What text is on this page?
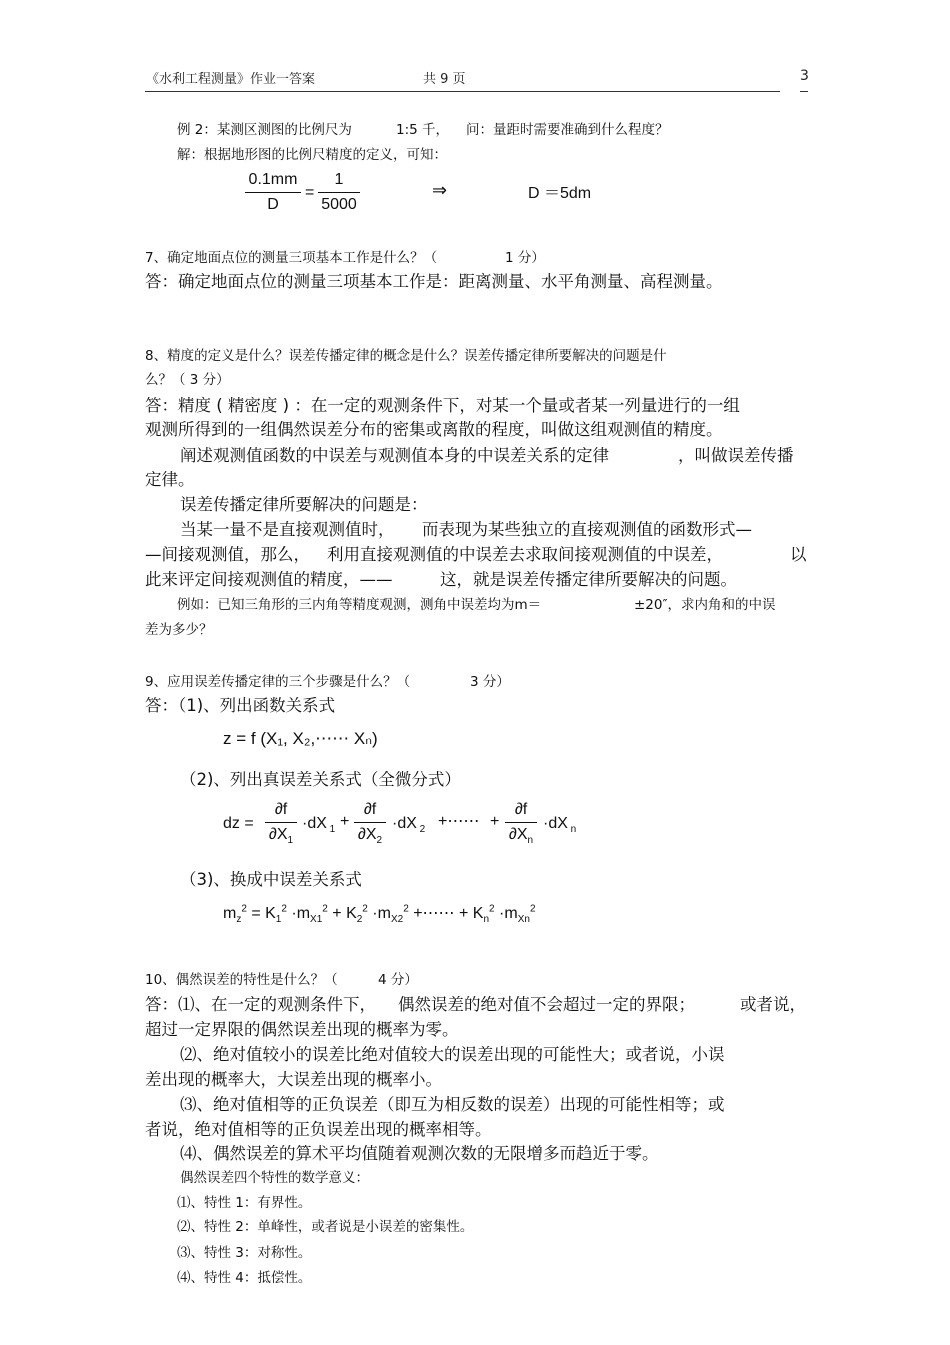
《水利工程测量》作业一答案	共 9 页	3
例 2：某测区测图的比例尺为	1:5 千， 问：量距时需要准确到什么程度？
解：根据地形图的比例尺精度的定义，可知：
0.1mm
D
=
1
5000
⇒	D ＝5dm
7、确定地面点位的测量三项基本工作是什么？（	1 分）
答：确定地面点位的测量三项基本工作是：距离测量、水平角测量、高程测量。
8、精度的定义是什么？误差传播定律的概念是什么？误差传播定律所要解决的问题是什
么？（ 3 分）
答：精度 ( 精密度 ) ：在一定的观测条件下，对某一个量或者某一列量进行的一组
观测所得到的一组偶然误差分布的密集或离散的程度，叫做这组观测值的精度。
阐述观测值函数的中误差与观测值本身的中误差关系的定律	，叫做误差传播
定律。
误差传播定律所要解决的问题是：
当某一量不是直接观测值时， 而表现为某些独立的直接观测值的函数形式—
—间接观测值，那么， 利用直接观测值的中误差去求取间接观测值的中误差，	以
此来评定间接观测值的精度，——	这，就是误差传播定律所要解决的问题。
例如：已知三角形的三内角等精度观测，测角中误差均为m＝	±20″，求内角和的中误
差为多少？
9、应用误差传播定律的三个步骤是什么？（	3 分）
答：（1)、列出函数关系式
z = f (X₁, X₂,⋯⋯ Xₙ)
（2)、列出真误差关系式（全微分式）
dz =
∂f
$\partial X_1$
·dX $_1$ +
∂f
$\partial X_2$
·dX $_2$ +⋯⋯ +
∂f
$\partial X_n$
·dX $_n$
（3)、换成中误差关系式
$m_z^2 = K_1^2 \cdot m_{X1}^2 + K_2^2 \cdot m_{X2}^2$ +⋯⋯ + $K_n^2 \cdot m_{Xn}^2$
10、偶然误差的特性是什么？（	4 分）
答：⑴、在一定的观测条件下， 偶然误差的绝对值不会超过一定的界限；	或者说，
超过一定界限的偶然误差出现的概率为零。
⑵、绝对值较小的误差比绝对值较大的误差出现的可能性大；或者说，小误
差出现的概率大，大误差出现的概率小。
⑶、绝对值相等的正负误差（即互为相反数的误差）出现的可能性相等；或
者说，绝对值相等的正负误差出现的概率相等。
⑷、偶然误差的算术平均值随着观测次数的无限增多而趋近于零。
偶然误差四个特性的数学意义：
⑴、特性 1：有界性。
⑵、特性 2：单峰性，或者说是小误差的密集性。
⑶、特性 3：对称性。
⑷、特性 4：抵偿性。
